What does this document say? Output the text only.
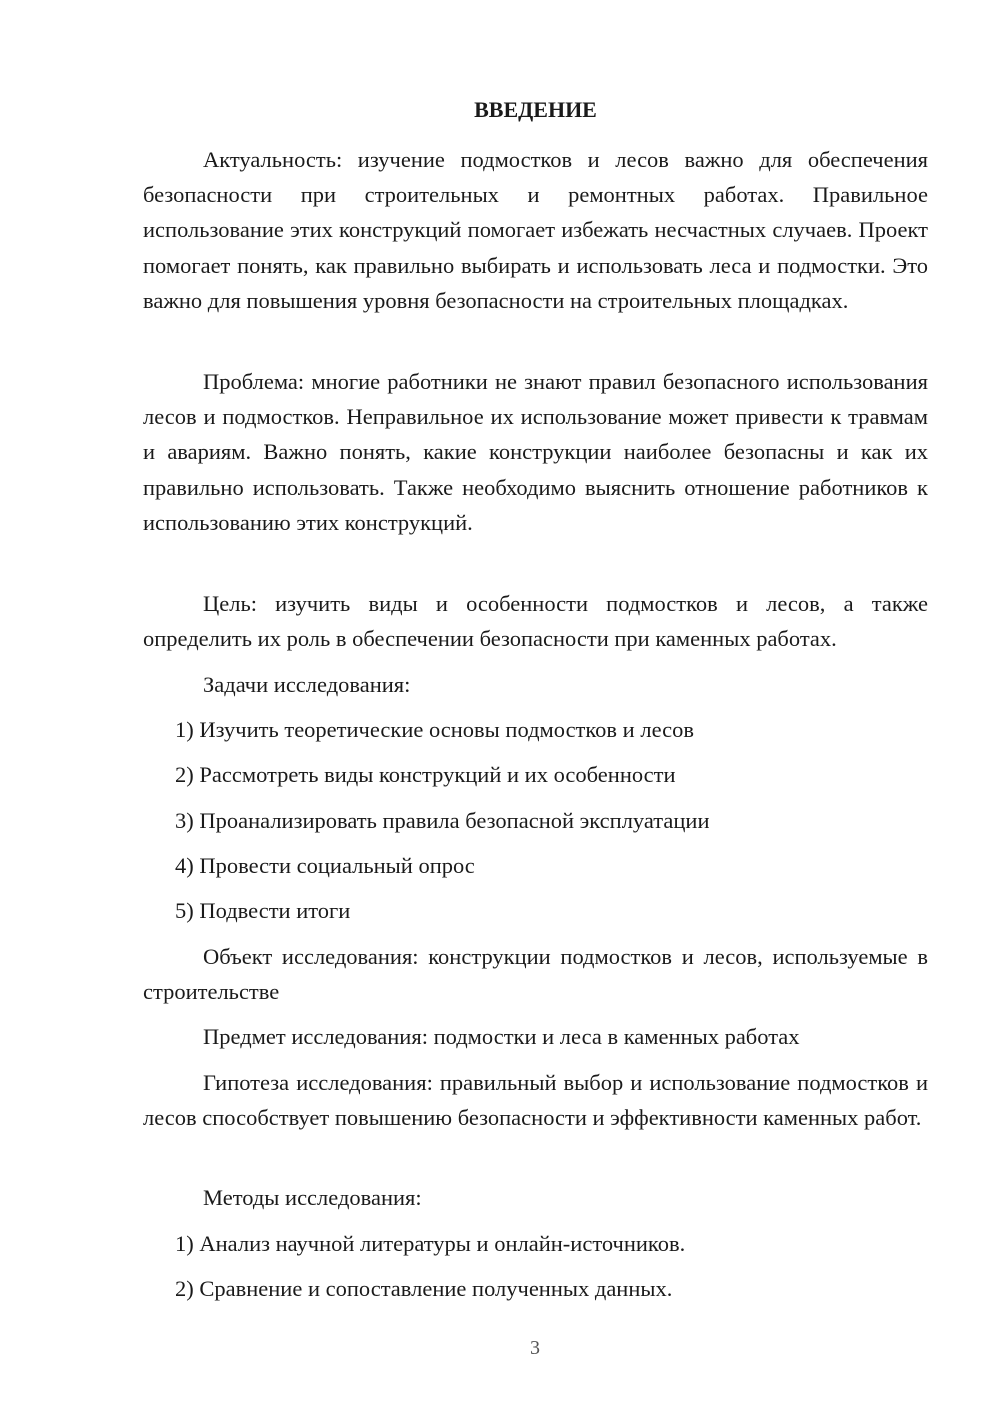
ВВЕДЕНИЕ

Актуальность: изучение подмостков и лесов важно для обеспечения безопасности при строительных и ремонтных работах. Правильное использование этих конструкций помогает избежать несчастных случаев. Проект помогает понять, как правильно выбирать и использовать леса и подмостки. Это важно для повышения уровня безопасности на строительных площадках.

Проблема: многие работники не знают правил безопасного использования лесов и подмостков. Неправильное их использование может привести к травмам и авариям. Важно понять, какие конструкции наиболее безопасны и как их правильно использовать. Также необходимо выяснить отношение работников к использованию этих конструкций.

Цель: изучить виды и особенности подмостков и лесов, а также определить их роль в обеспечении безопасности при каменных работах.

Задачи исследования:
1) Изучить теоретические основы подмостков и лесов
2) Рассмотреть виды конструкций и их особенности
3) Проанализировать правила безопасной эксплуатации
4) Провести социальный опрос
5) Подвести итоги

Объект исследования: конструкции подмостков и лесов, используемые в строительстве

Предмет исследования: подмостки и леса в каменных работах

Гипотеза исследования: правильный выбор и использование подмостков и лесов способствует повышению безопасности и эффективности каменных работ.

Методы исследования:
1) Анализ научной литературы и онлайн-источников.
2) Сравнение и сопоставление полученных данных.
3
